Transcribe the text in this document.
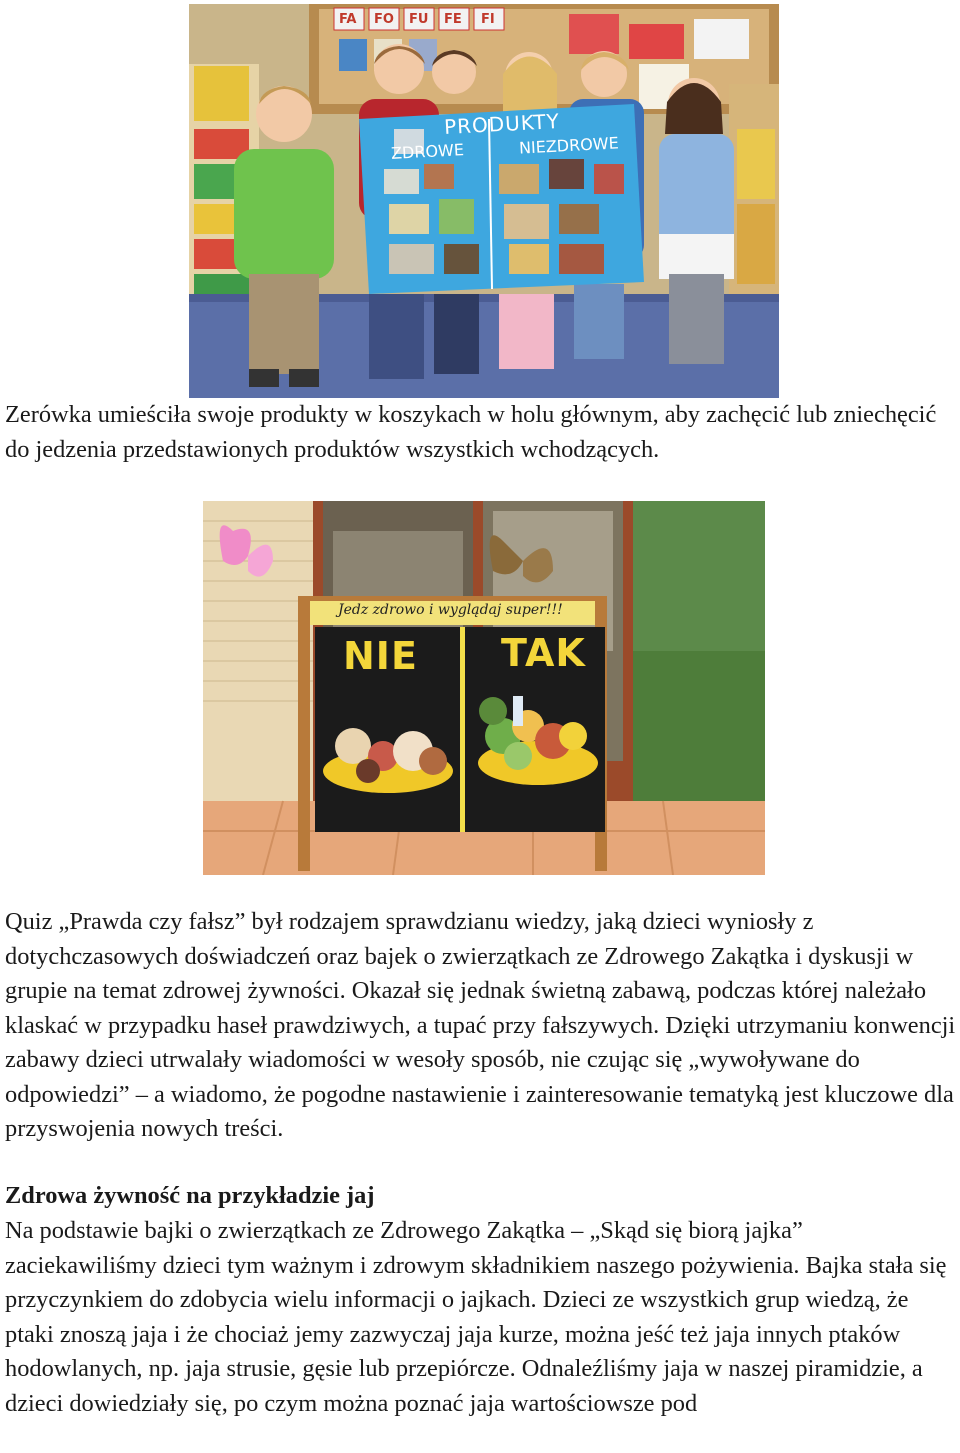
PRODUKTY
ZDROWE	NIEZDROWE
FA FO FU FE FI
Zerówka umieściła swoje produkty w koszykach w holu głównym, aby zachęcić lub zniechęcić do jedzenia przedstawionych produktów wszystkich wchodzących.
Jedz zdrowo i wyglądaj super!!!
NIE TAK
Quiz „Prawda czy fałsz” był rodzajem sprawdzianu wiedzy, jaką dzieci wyniosły z dotychczasowych doświadczeń oraz bajek o zwierzątkach ze Zdrowego Zakątka i dyskusji w grupie na temat zdrowej żywności. Okazał się jednak świetną zabawą, podczas której należało klaskać w przypadku haseł prawdziwych, a tupać przy fałszywych. Dzięki utrzymaniu konwencji zabawy dzieci utrwalały wiadomości w wesoły sposób, nie czując się „wywoływane do odpowiedzi” – a wiadomo, że pogodne nastawienie i zainteresowanie tematyką jest kluczowe dla przyswojenia nowych treści.
Zdrowa żywność na przykładzie jaj
Na podstawie bajki o zwierzątkach ze Zdrowego Zakątka – „Skąd się biorą jajka” zaciekawiliśmy dzieci tym ważnym i zdrowym składnikiem naszego pożywienia. Bajka stała się przyczynkiem do zdobycia wielu informacji o jajkach. Dzieci ze wszystkich grup wiedzą, że ptaki znoszą jaja i że chociaż jemy zazwyczaj jaja kurze, można jeść też jaja innych ptaków hodowlanych, np. jaja strusie, gęsie lub przepiórcze. Odnaleźliśmy jaja w naszej piramidzie, a dzieci dowiedziały się, po czym można poznać jaja wartościowsze pod
